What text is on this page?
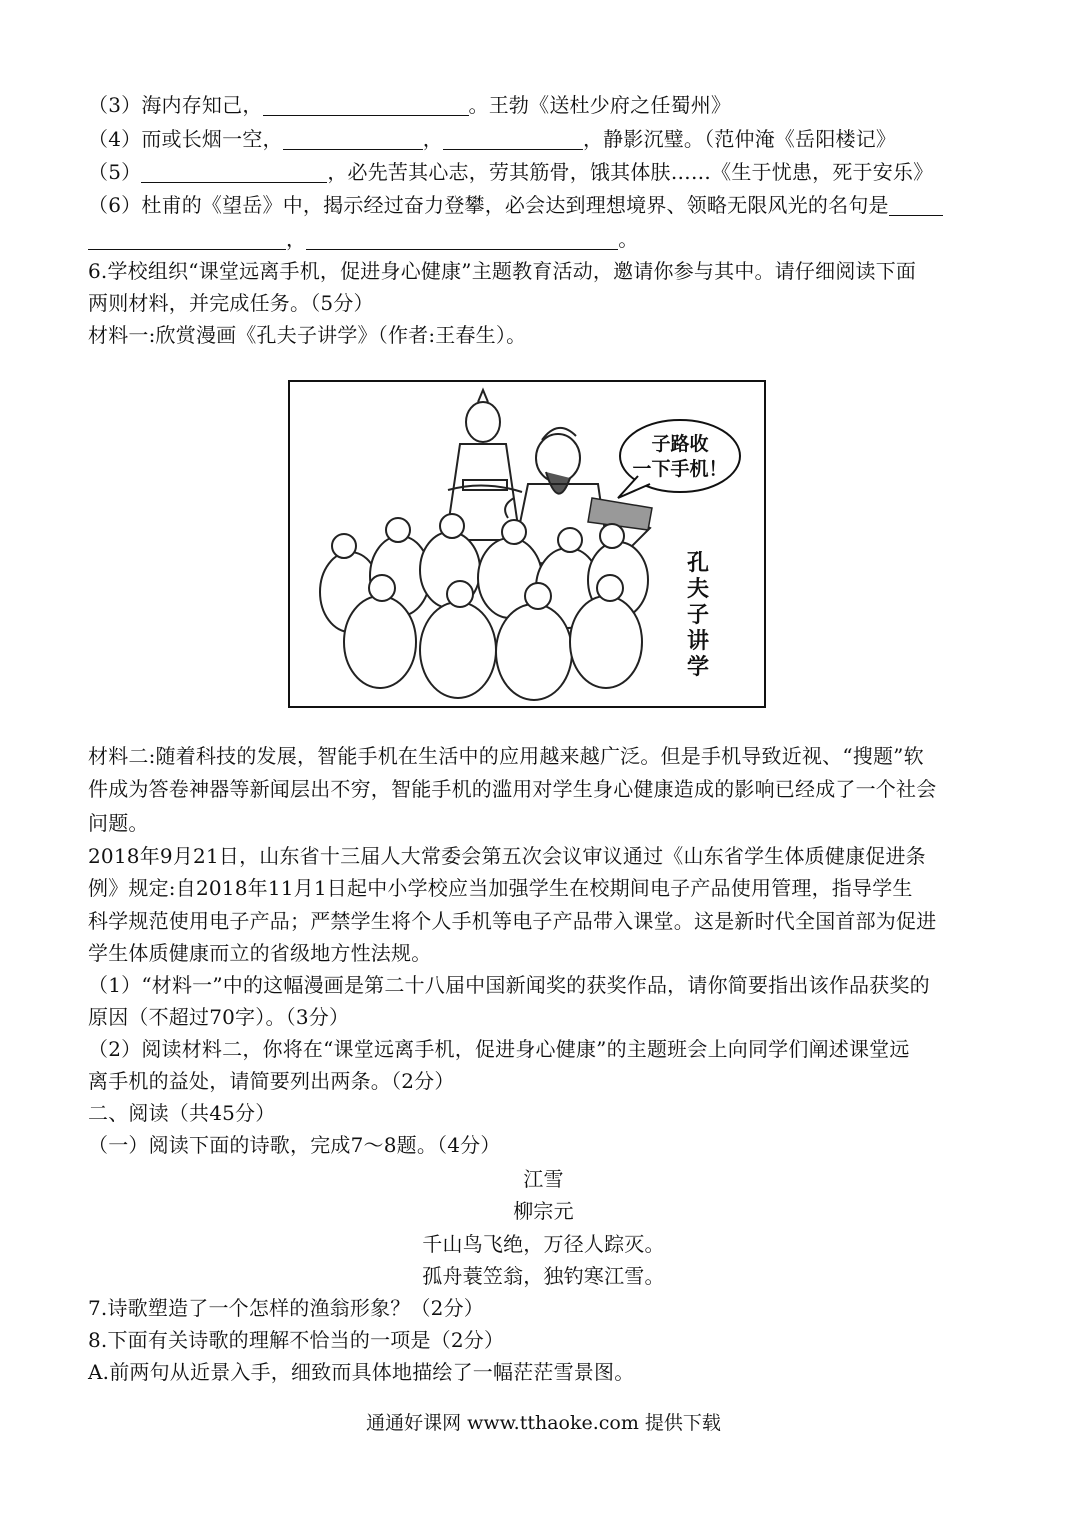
（3）海内存知己，	。王勃《送杜少府之任蜀州》
（4）而或长烟一空，	，	，静影沉璧。（范仲淹《岳阳楼记》
（5）	，必先苦其心志，劳其筋骨，饿其体肤……《生于忧患，死于安乐》
（6）杜甫的《望岳》中，揭示经过奋力登攀，必会达到理想境界、领略无限风光的名句是
，	。
6.学校组织“课堂远离手机，促进身心健康”主题教育活动，邀请你参与其中。请仔细阅读下面
两则材料，并完成任务。（5分）
材料一:欣赏漫画《孔夫子讲学》（作者:王春生）。
子路收
一下手机！
孔
夫
子
讲
学
材料二:随着科技的发展，智能手机在生活中的应用越来越广泛。但是手机导致近视、“搜题”软
件成为答卷神器等新闻层出不穷，智能手机的滥用对学生身心健康造成的影响已经成了一个社会
问题。
2018年9月21日，山东省十三届人大常委会第五次会议审议通过《山东省学生体质健康促进条
例》规定:自2018年11月1日起中小学校应当加强学生在校期间电子产品使用管理，指导学生
科学规范使用电子产品；严禁学生将个人手机等电子产品带入课堂。这是新时代全国首部为促进
学生体质健康而立的省级地方性法规。
（1）“材料一”中的这幅漫画是第二十八届中国新闻奖的获奖作品，请你简要指出该作品获奖的
原因（不超过70字）。（3分）
（2）阅读材料二，你将在“课堂远离手机，促进身心健康”的主题班会上向同学们阐述课堂远
离手机的益处，请简要列出两条。（2分）
二、阅读（共45分）
（一）阅读下面的诗歌，完成7～8题。（4分）
江雪
柳宗元
千山鸟飞绝，万径人踪灭。
孤舟蓑笠翁，独钓寒江雪。
7.诗歌塑造了一个怎样的渔翁形象？（2分）
8.下面有关诗歌的理解不恰当的一项是（2分）
A.前两句从近景入手，细致而具体地描绘了一幅茫茫雪景图。
通通好课网 www.tthaoke.com 提供下载
